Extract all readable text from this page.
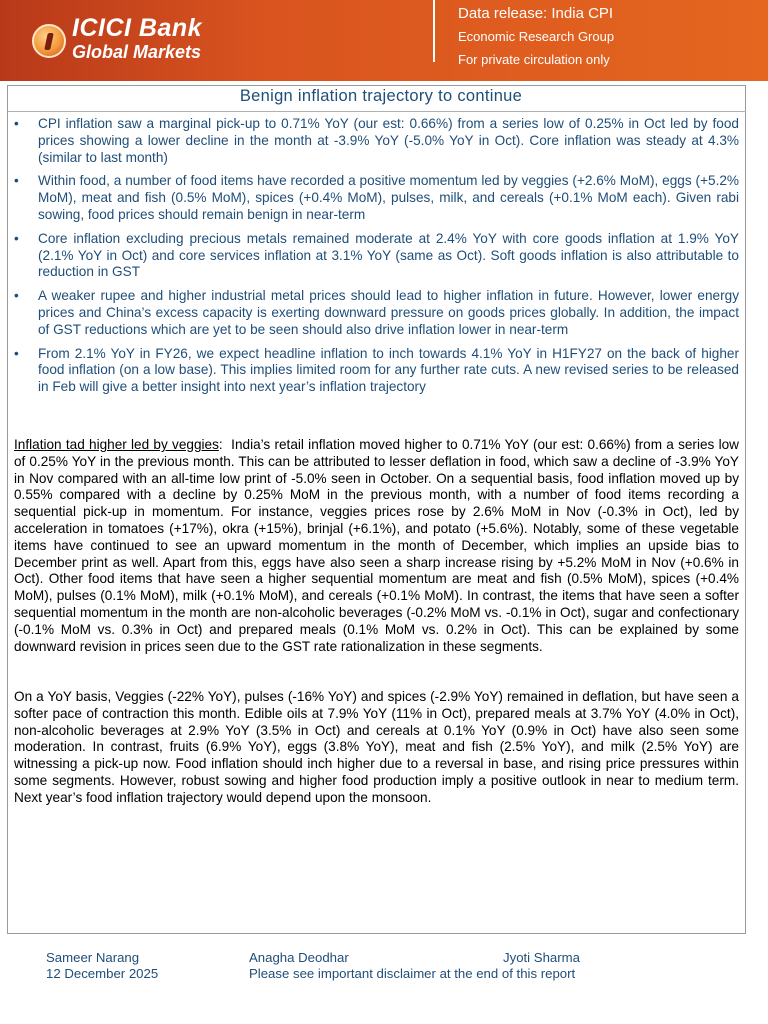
ICICI Bank
Global Markets
Data release: India CPI
Economic Research Group
For private circulation only
Benign inflation trajectory to continue
• CPI inflation saw a marginal pick-up to 0.71% YoY (our est: 0.66%) from a series low of 0.25% in Oct led by food prices showing a lower decline in the month at -3.9% YoY (-5.0% YoY in Oct). Core inflation was steady at 4.3% (similar to last month)
• Within food, a number of food items have recorded a positive momentum led by veggies (+2.6% MoM), eggs (+5.2% MoM), meat and fish (0.5% MoM), spices (+0.4% MoM), pulses, milk, and cereals (+0.1% MoM each). Given rabi sowing, food prices should remain benign in near-term
• Core inflation excluding precious metals remained moderate at 2.4% YoY with core goods inflation at 1.9% YoY (2.1% YoY in Oct) and core services inflation at 3.1% YoY (same as Oct). Soft goods inflation is also attributable to reduction in GST
• A weaker rupee and higher industrial metal prices should lead to higher inflation in future. However, lower energy prices and China’s excess capacity is exerting downward pressure on goods prices globally. In addition, the impact of GST reductions which are yet to be seen should also drive inflation lower in near-term
• From 2.1% YoY in FY26, we expect headline inflation to inch towards 4.1% YoY in H1FY27 on the back of higher food inflation (on a low base). This implies limited room for any further rate cuts. A new revised series to be released in Feb will give a better insight into next year’s inflation trajectory

Inflation tad higher led by veggies:  India’s retail inflation moved higher to 0.71% YoY (our est: 0.66%) from a series low of 0.25% YoY in the previous month. This can be attributed to lesser deflation in food, which saw a decline of -3.9% YoY in Nov compared with an all-time low print of -5.0% seen in October. On a sequential basis, food inflation moved up by 0.55% compared with a decline by 0.25% MoM in the previous month, with a number of food items recording a sequential pick-up in momentum. For instance, veggies prices rose by 2.6% MoM in Nov (-0.3% in Oct), led by acceleration in tomatoes (+17%), okra (+15%), brinjal (+6.1%), and potato (+5.6%). Notably, some of these vegetable items have continued to see an upward momentum in the month of December, which implies an upside bias to December print as well. Apart from this, eggs have also seen a sharp increase rising by +5.2% MoM in Nov (+0.6% in Oct). Other food items that have seen a higher sequential momentum are meat and fish (0.5% MoM), spices (+0.4% MoM), pulses (0.1% MoM), milk (+0.1% MoM), and cereals (+0.1% MoM). In contrast, the items that have seen a softer sequential momentum in the month are non-alcoholic beverages (-0.2% MoM vs. -0.1% in Oct), sugar and confectionary (-0.1% MoM vs. 0.3% in Oct) and prepared meals (0.1% MoM vs. 0.2% in Oct). This can be explained by some downward revision in prices seen due to the GST rate rationalization in these segments.

On a YoY basis, Veggies (-22% YoY), pulses (-16% YoY) and spices (-2.9% YoY) remained in deflation, but have seen a softer pace of contraction this month. Edible oils at 7.9% YoY (11% in Oct), prepared meals at 3.7% YoY (4.0% in Oct), non-alcoholic beverages at 2.9% YoY (3.5% in Oct) and cereals at 0.1% YoY (0.9% in Oct) have also seen some moderation. In contrast, fruits (6.9% YoY), eggs (3.8% YoY), meat and fish (2.5% YoY), and milk (2.5% YoY) are witnessing a pick-up now. Food inflation should inch higher due to a reversal in base, and rising price pressures within some segments. However, robust sowing and higher food production imply a positive outlook in near to medium term. Next year’s food inflation trajectory would depend upon the monsoon.

Sameer Narang
12 December 2025
Anagha Deodhar
Please see important disclaimer at the end of this report
Jyoti Sharma
